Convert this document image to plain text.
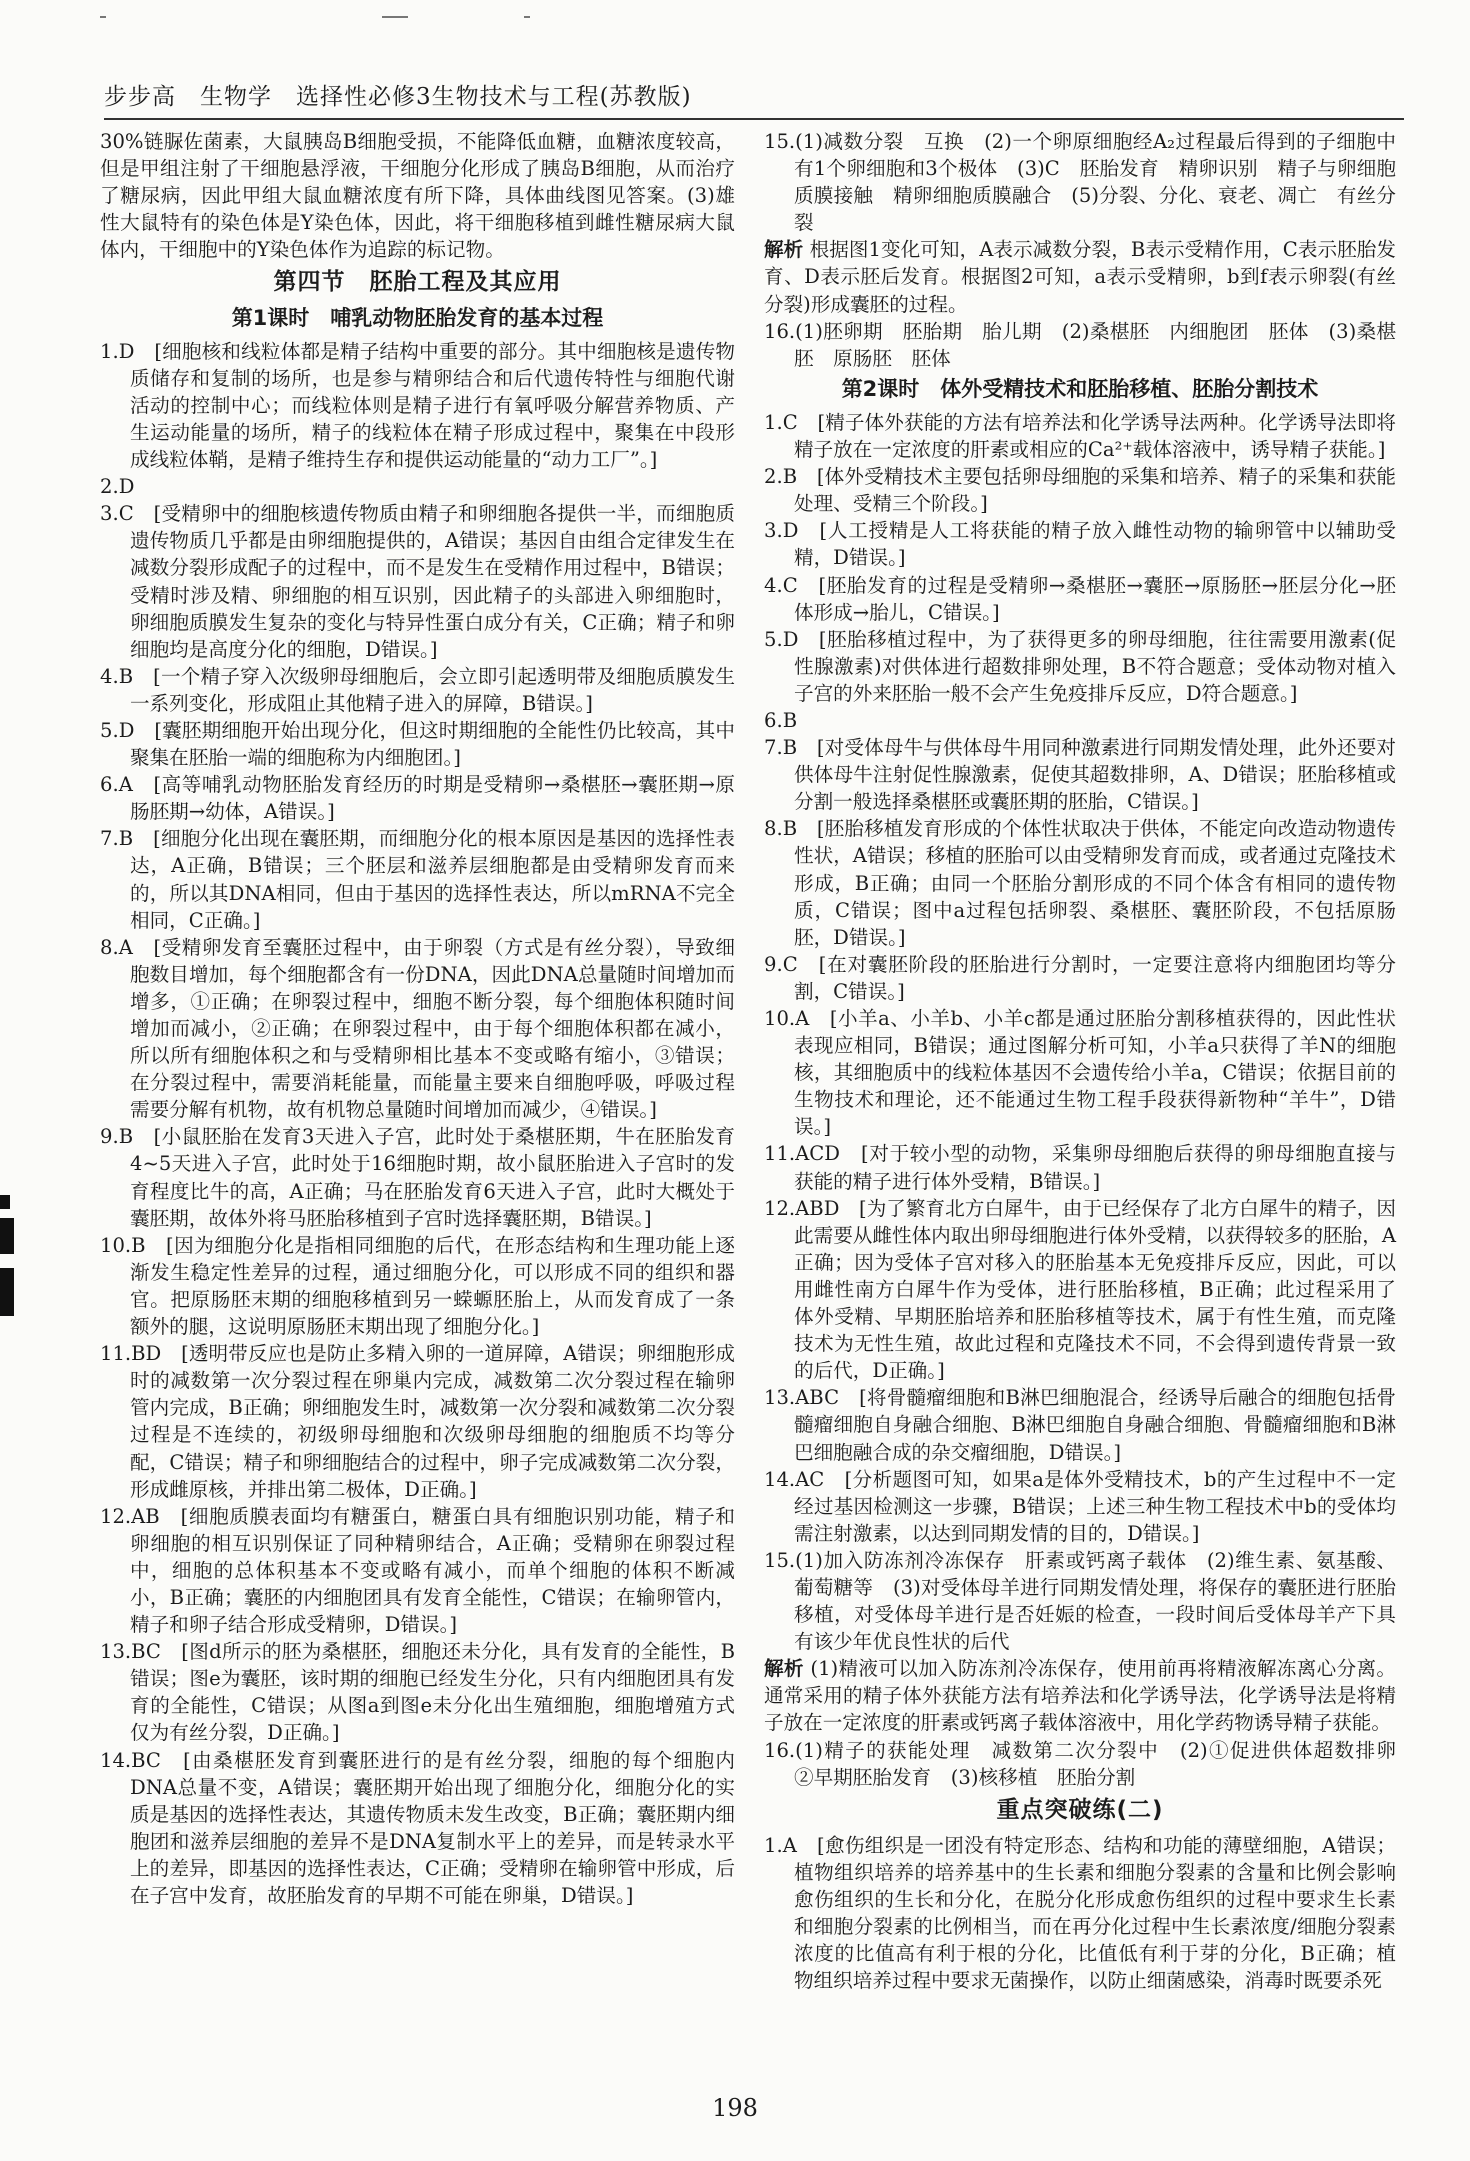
步步高　生物学　选择性必修3生物技术与工程(苏教版)

30%链脲佐菌素，大鼠胰岛B细胞受损，不能降低血糖，血糖浓度较高，但是甲组注射了干细胞悬浮液，干细胞分化形成了胰岛B细胞，从而治疗了糖尿病，因此甲组大鼠血糖浓度有所下降，具体曲线图见答案。(3)雄性大鼠特有的染色体是Y染色体，因此，将干细胞移植到雌性糖尿病大鼠体内，干细胞中的Y染色体作为追踪的标记物。

第四节　胚胎工程及其应用

第1课时　哺乳动物胚胎发育的基本过程

1.D　[细胞核和线粒体都是精子结构中重要的部分。其中细胞核是遗传物质储存和复制的场所，也是参与精卵结合和后代遗传特性与细胞代谢活动的控制中心；而线粒体则是精子进行有氧呼吸分解营养物质、产生运动能量的场所，精子的线粒体在精子形成过程中，聚集在中段形成线粒体鞘，是精子维持生存和提供运动能量的“动力工厂”。]

2.D

3.C　[受精卵中的细胞核遗传物质由精子和卵细胞各提供一半，而细胞质遗传物质几乎都是由卵细胞提供的，A错误；基因自由组合定律发生在减数分裂形成配子的过程中，而不是发生在受精作用过程中，B错误；受精时涉及精、卵细胞的相互识别，因此精子的头部进入卵细胞时，卵细胞质膜发生复杂的变化与特异性蛋白成分有关，C正确；精子和卵细胞均是高度分化的细胞，D错误。]

4.B　[一个精子穿入次级卵母细胞后，会立即引起透明带及细胞质膜发生一系列变化，形成阻止其他精子进入的屏障，B错误。]

5.D　[囊胚期细胞开始出现分化，但这时期细胞的全能性仍比较高，其中聚集在胚胎一端的细胞称为内细胞团。]

6.A　[高等哺乳动物胚胎发育经历的时期是受精卵→桑椹胚→囊胚期→原肠胚期→幼体，A错误。]

7.B　[细胞分化出现在囊胚期，而细胞分化的根本原因是基因的选择性表达，A正确，B错误；三个胚层和滋养层细胞都是由受精卵发育而来的，所以其DNA相同，但由于基因的选择性表达，所以mRNA不完全相同，C正确。]

8.A　[受精卵发育至囊胚过程中，由于卵裂（方式是有丝分裂），导致细胞数目增加，每个细胞都含有一份DNA，因此DNA总量随时间增加而增多，①正确；在卵裂过程中，细胞不断分裂，每个细胞体积随时间增加而减小，②正确；在卵裂过程中，由于每个细胞体积都在减小，所以所有细胞体积之和与受精卵相比基本不变或略有缩小，③错误；在分裂过程中，需要消耗能量，而能量主要来自细胞呼吸，呼吸过程需要分解有机物，故有机物总量随时间增加而减少，④错误。]

9.B　[小鼠胚胎在发育3天进入子宫，此时处于桑椹胚期，牛在胚胎发育4~5天进入子宫，此时处于16细胞时期，故小鼠胚胎进入子宫时的发育程度比牛的高，A正确；马在胚胎发育6天进入子宫，此时大概处于囊胚期，故体外将马胚胎移植到子宫时选择囊胚期，B错误。]

10.B　[因为细胞分化是指相同细胞的后代，在形态结构和生理功能上逐渐发生稳定性差异的过程，通过细胞分化，可以形成不同的组织和器官。把原肠胚末期的细胞移植到另一蝾螈胚胎上，从而发育成了一条额外的腿，这说明原肠胚末期出现了细胞分化。]

11.BD　[透明带反应也是防止多精入卵的一道屏障，A错误；卵细胞形成时的减数第一次分裂过程在卵巢内完成，减数第二次分裂过程在输卵管内完成，B正确；卵细胞发生时，减数第一次分裂和减数第二次分裂过程是不连续的，初级卵母细胞和次级卵母细胞的细胞质不均等分配，C错误；精子和卵细胞结合的过程中，卵子完成减数第二次分裂，形成雌原核，并排出第二极体，D正确。]

12.AB　[细胞质膜表面均有糖蛋白，糖蛋白具有细胞识别功能，精子和卵细胞的相互识别保证了同种精卵结合，A正确；受精卵在卵裂过程中，细胞的总体积基本不变或略有减小，而单个细胞的体积不断减小，B正确；囊胚的内细胞团具有发育全能性，C错误；在输卵管内，精子和卵子结合形成受精卵，D错误。]

13.BC　[图d所示的胚为桑椹胚，细胞还未分化，具有发育的全能性，B错误；图e为囊胚，该时期的细胞已经发生分化，只有内细胞团具有发育的全能性，C错误；从图a到图e未分化出生殖细胞，细胞增殖方式仅为有丝分裂，D正确。]

14.BC　[由桑椹胚发育到囊胚进行的是有丝分裂，细胞的每个细胞内DNA总量不变，A错误；囊胚期开始出现了细胞分化，细胞分化的实质是基因的选择性表达，其遗传物质未发生改变，B正确；囊胚期内细胞团和滋养层细胞的差异不是DNA复制水平上的差异，而是转录水平上的差异，即基因的选择性表达，C正确；受精卵在输卵管中形成，后在子宫中发育，故胚胎发育的早期不可能在卵巢，D错误。]

15.(1)减数分裂　互换　(2)一个卵原细胞经A₂过程最后得到的子细胞中有1个卵细胞和3个极体　(3)C　胚胎发育　精卵识别　精子与卵细胞质膜接触　精卵细胞质膜融合　(5)分裂、分化、衰老、凋亡　有丝分裂

解析 根据图1变化可知，A表示减数分裂，B表示受精作用，C表示胚胎发育、D表示胚后发育。根据图2可知，a表示受精卵，b到f表示卵裂(有丝分裂)形成囊胚的过程。

16.(1)胚卵期　胚胎期　胎儿期　(2)桑椹胚　内细胞团　胚体　(3)桑椹胚　原肠胚　胚体

第2课时　体外受精技术和胚胎移植、胚胎分割技术

1.C　[精子体外获能的方法有培养法和化学诱导法两种。化学诱导法即将精子放在一定浓度的肝素或相应的Ca²⁺载体溶液中，诱导精子获能。]

2.B　[体外受精技术主要包括卵母细胞的采集和培养、精子的采集和获能处理、受精三个阶段。]

3.D　[人工授精是人工将获能的精子放入雌性动物的输卵管中以辅助受精，D错误。]

4.C　[胚胎发育的过程是受精卵→桑椹胚→囊胚→原肠胚→胚层分化→胚体形成→胎儿，C错误。]

5.D　[胚胎移植过程中，为了获得更多的卵母细胞，往往需要用激素(促性腺激素)对供体进行超数排卵处理，B不符合题意；受体动物对植入子宫的外来胚胎一般不会产生免疫排斥反应，D符合题意。]

6.B

7.B　[对受体母牛与供体母牛用同种激素进行同期发情处理，此外还要对供体母牛注射促性腺激素，促使其超数排卵，A、D错误；胚胎移植或分割一般选择桑椹胚或囊胚期的胚胎，C错误。]

8.B　[胚胎移植发育形成的个体性状取决于供体，不能定向改造动物遗传性状，A错误；移植的胚胎可以由受精卵发育而成，或者通过克隆技术形成，B正确；由同一个胚胎分割形成的不同个体含有相同的遗传物质，C错误；图中a过程包括卵裂、桑椹胚、囊胚阶段，不包括原肠胚，D错误。]

9.C　[在对囊胚阶段的胚胎进行分割时，一定要注意将内细胞团均等分割，C错误。]

10.A　[小羊a、小羊b、小羊c都是通过胚胎分割移植获得的，因此性状表现应相同，B错误；通过图解分析可知，小羊a只获得了羊N的细胞核，其细胞质中的线粒体基因不会遗传给小羊a，C错误；依据目前的生物技术和理论，还不能通过生物工程手段获得新物种“羊牛”，D错误。]

11.ACD　[对于较小型的动物，采集卵母细胞后获得的卵母细胞直接与获能的精子进行体外受精，B错误。]

12.ABD　[为了繁育北方白犀牛，由于已经保存了北方白犀牛的精子，因此需要从雌性体内取出卵母细胞进行体外受精，以获得较多的胚胎，A正确；因为受体子宫对移入的胚胎基本无免疫排斥反应，因此，可以用雌性南方白犀牛作为受体，进行胚胎移植，B正确；此过程采用了体外受精、早期胚胎培养和胚胎移植等技术，属于有性生殖，而克隆技术为无性生殖，故此过程和克隆技术不同，不会得到遗传背景一致的后代，D正确。]

13.ABC　[将骨髓瘤细胞和B淋巴细胞混合，经诱导后融合的细胞包括骨髓瘤细胞自身融合细胞、B淋巴细胞自身融合细胞、骨髓瘤细胞和B淋巴细胞融合成的杂交瘤细胞，D错误。]

14.AC　[分析题图可知，如果a是体外受精技术，b的产生过程中不一定经过基因检测这一步骤，B错误；上述三种生物工程技术中b的受体均需注射激素，以达到同期发情的目的，D错误。]

15.(1)加入防冻剂冷冻保存　肝素或钙离子载体　(2)维生素、氨基酸、葡萄糖等　(3)对受体母羊进行同期发情处理，将保存的囊胚进行胚胎移植，对受体母羊进行是否妊娠的检查，一段时间后受体母羊产下具有该少年优良性状的后代

解析 (1)精液可以加入防冻剂冷冻保存，使用前再将精液解冻离心分离。通常采用的精子体外获能方法有培养法和化学诱导法，化学诱导法是将精子放在一定浓度的肝素或钙离子载体溶液中，用化学药物诱导精子获能。

16.(1)精子的获能处理　减数第二次分裂中　(2)①促进供体超数排卵　②早期胚胎发育　(3)核移植　胚胎分割

重点突破练(二)

1.A　[愈伤组织是一团没有特定形态、结构和功能的薄壁细胞，A错误；植物组织培养的培养基中的生长素和细胞分裂素的含量和比例会影响愈伤组织的生长和分化，在脱分化形成愈伤组织的过程中要求生长素和细胞分裂素的比例相当，而在再分化过程中生长素浓度/细胞分裂素浓度的比值高有利于根的分化，比值低有利于芽的分化，B正确；植物组织培养过程中要求无菌操作，以防止细菌感染，消毒时既要杀死

198
